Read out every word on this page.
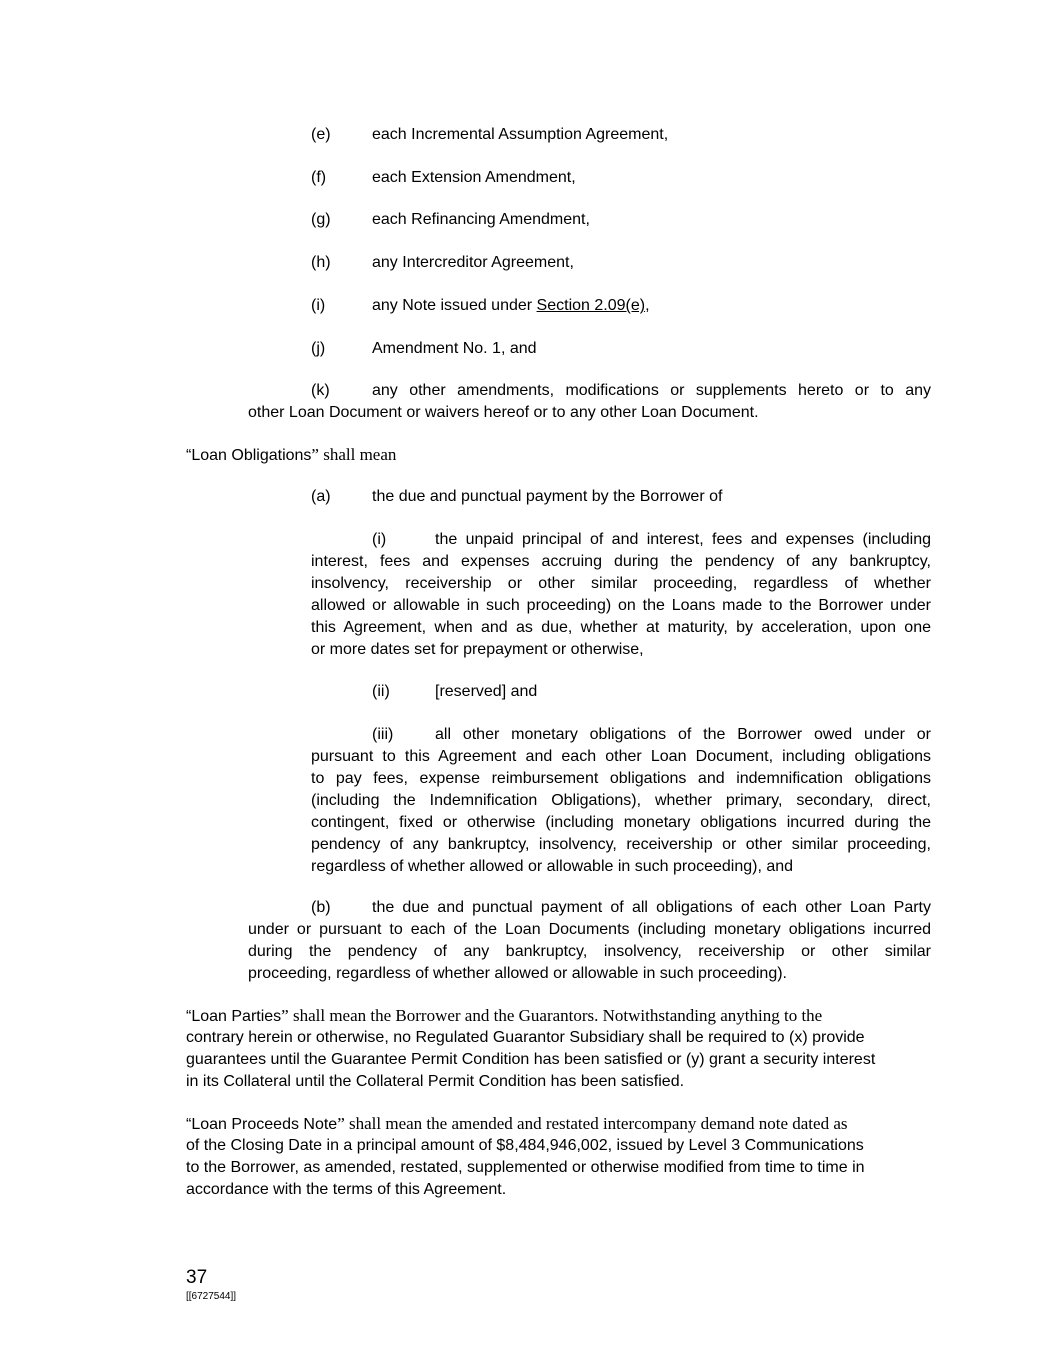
(e)	each Incremental Assumption Agreement,
(f)	each Extension Amendment,
(g)	each Refinancing Amendment,
(h)	any Intercreditor Agreement,
(i)	any Note issued under Section 2.09(e),
(j)	Amendment No. 1, and
(k)	any other amendments, modifications or supplements hereto or to any
other Loan Document or waivers hereof or to any other Loan Document.
“Loan Obligations” shall mean
(a)	the due and punctual payment by the Borrower of
(i)	the unpaid principal of and interest, fees and expenses (including
interest, fees and expenses accruing during the pendency of any bankruptcy,
insolvency, receivership or other similar proceeding, regardless of whether
allowed or allowable in such proceeding) on the Loans made to the Borrower under
this Agreement, when and as due, whether at maturity, by acceleration, upon one
or more dates set for prepayment or otherwise,
(ii)	[reserved] and
(iii)	all other monetary obligations of the Borrower owed under or
pursuant to this Agreement and each other Loan Document, including obligations
to pay fees, expense reimbursement obligations and indemnification obligations
(including the Indemnification Obligations), whether primary, secondary, direct,
contingent, fixed or otherwise (including monetary obligations incurred during the
pendency of any bankruptcy, insolvency, receivership or other similar proceeding,
regardless of whether allowed or allowable in such proceeding), and
(b)	the due and punctual payment of all obligations of each other Loan Party
under or pursuant to each of the Loan Documents (including monetary obligations incurred
during the pendency of any bankruptcy, insolvency, receivership or other similar
proceeding, regardless of whether allowed or allowable in such proceeding).
“Loan Parties” shall mean the Borrower and the Guarantors. Notwithstanding anything to the
contrary herein or otherwise, no Regulated Guarantor Subsidiary shall be required to (x) provide
guarantees until the Guarantee Permit Condition has been satisfied or (y) grant a security interest
in its Collateral until the Collateral Permit Condition has been satisfied.
“Loan Proceeds Note” shall mean the amended and restated intercompany demand note dated as
of the Closing Date in a principal amount of $8,484,946,002, issued by Level 3 Communications
to the Borrower, as amended, restated, supplemented or otherwise modified from time to time in
accordance with the terms of this Agreement.
37
[[6727544]]
